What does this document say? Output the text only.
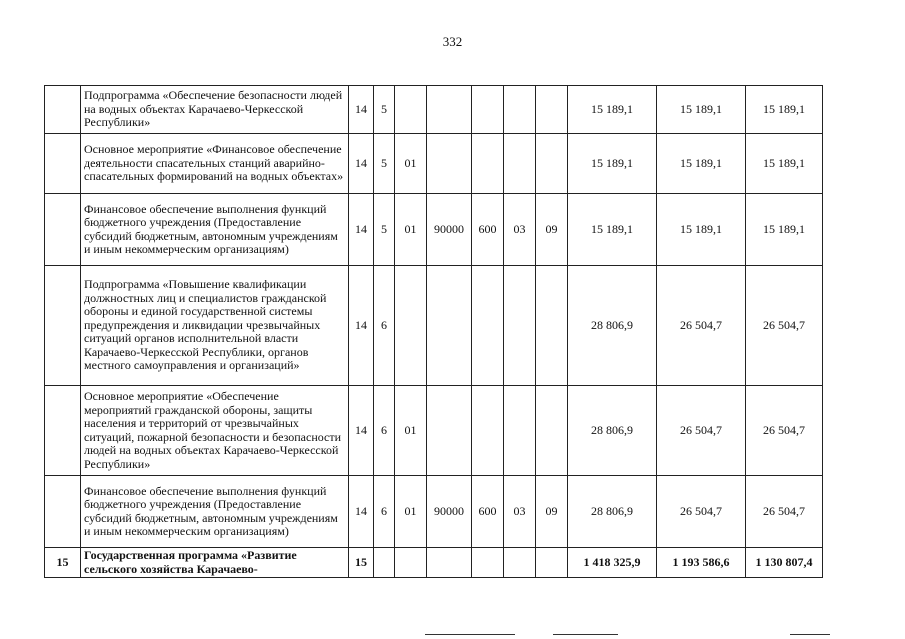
332
	Подпрограмма «Обеспечение безопасности людей на водных объектах Карачаево-Черкесской Республики»	14	5						15 189,1	15 189,1	15 189,1
	Основное мероприятие «Финансовое обеспечение деятельности спасательных станций аварийно-спасательных формирований на водных объектах»	14	5	01					15 189,1	15 189,1	15 189,1
	Финансовое обеспечение выполнения функций бюджетного учреждения (Предоставление субсидий бюджетным, автономным учреждениям и иным некоммерческим организациям)	14	5	01	90000	600	03	09	15 189,1	15 189,1	15 189,1
	Подпрограмма «Повышение квалификации должностных лиц и специалистов гражданской обороны и единой государственной системы предупреждения и ликвидации чрезвычайных ситуаций органов исполнительной власти Карачаево-Черкесской Республики, органов местного самоуправления и организаций»	14	6						28 806,9	26 504,7	26 504,7
	Основное мероприятие «Обеспечение мероприятий гражданской обороны, защиты населения и территорий от чрезвычайных ситуаций, пожарной безопасности и безопасности людей на водных объектах Карачаево-Черкесской Республики»	14	6	01					28 806,9	26 504,7	26 504,7
	Финансовое обеспечение выполнения функций бюджетного учреждения (Предоставление субсидий бюджетным, автономным учреждениям и иным некоммерческим организациям)	14	6	01	90000	600	03	09	28 806,9	26 504,7	26 504,7
15	Государственная программа «Развитие сельского хозяйства Карачаево-	15							1 418 325,9	1 193 586,6	1 130 807,4
